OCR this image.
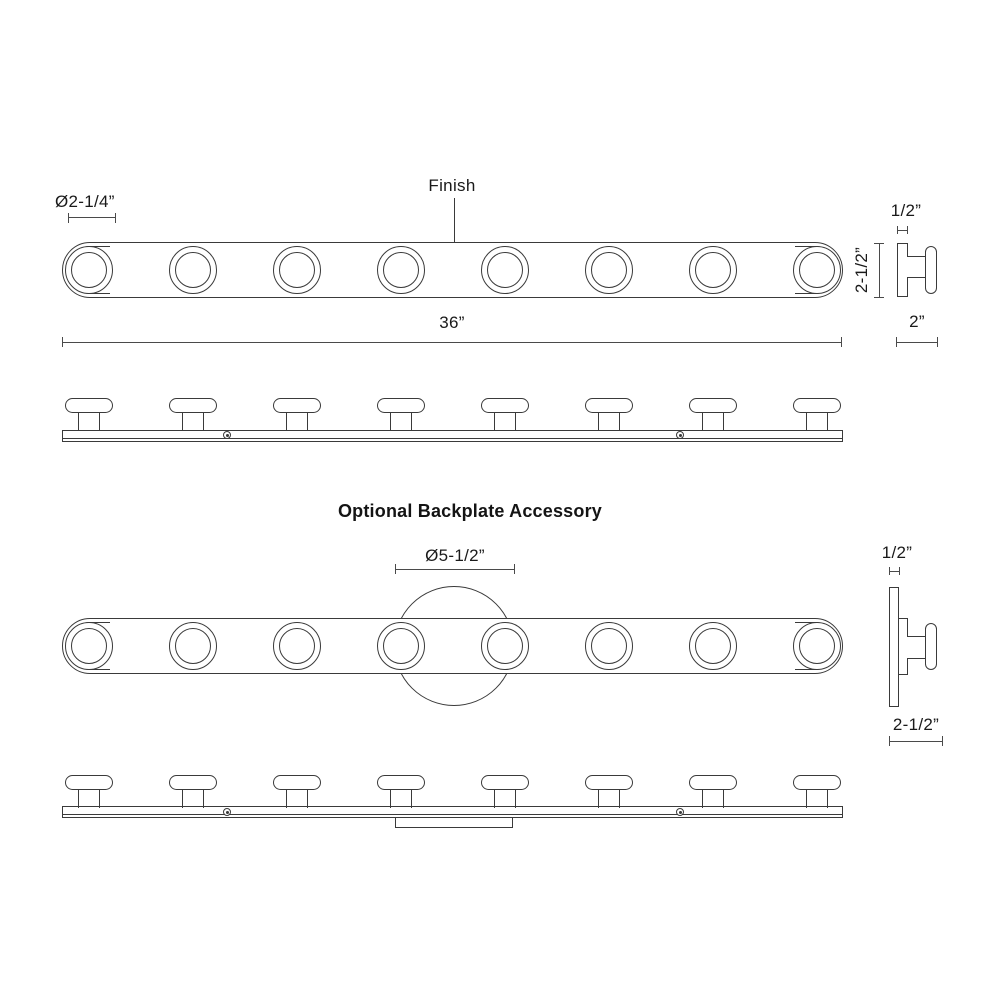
Ø2-1/4”
Finish
36”
1/2”
2-1/2”
2”
Optional Backplate Accessory
Ø5-1/2”	1/2”
2-1/2”
